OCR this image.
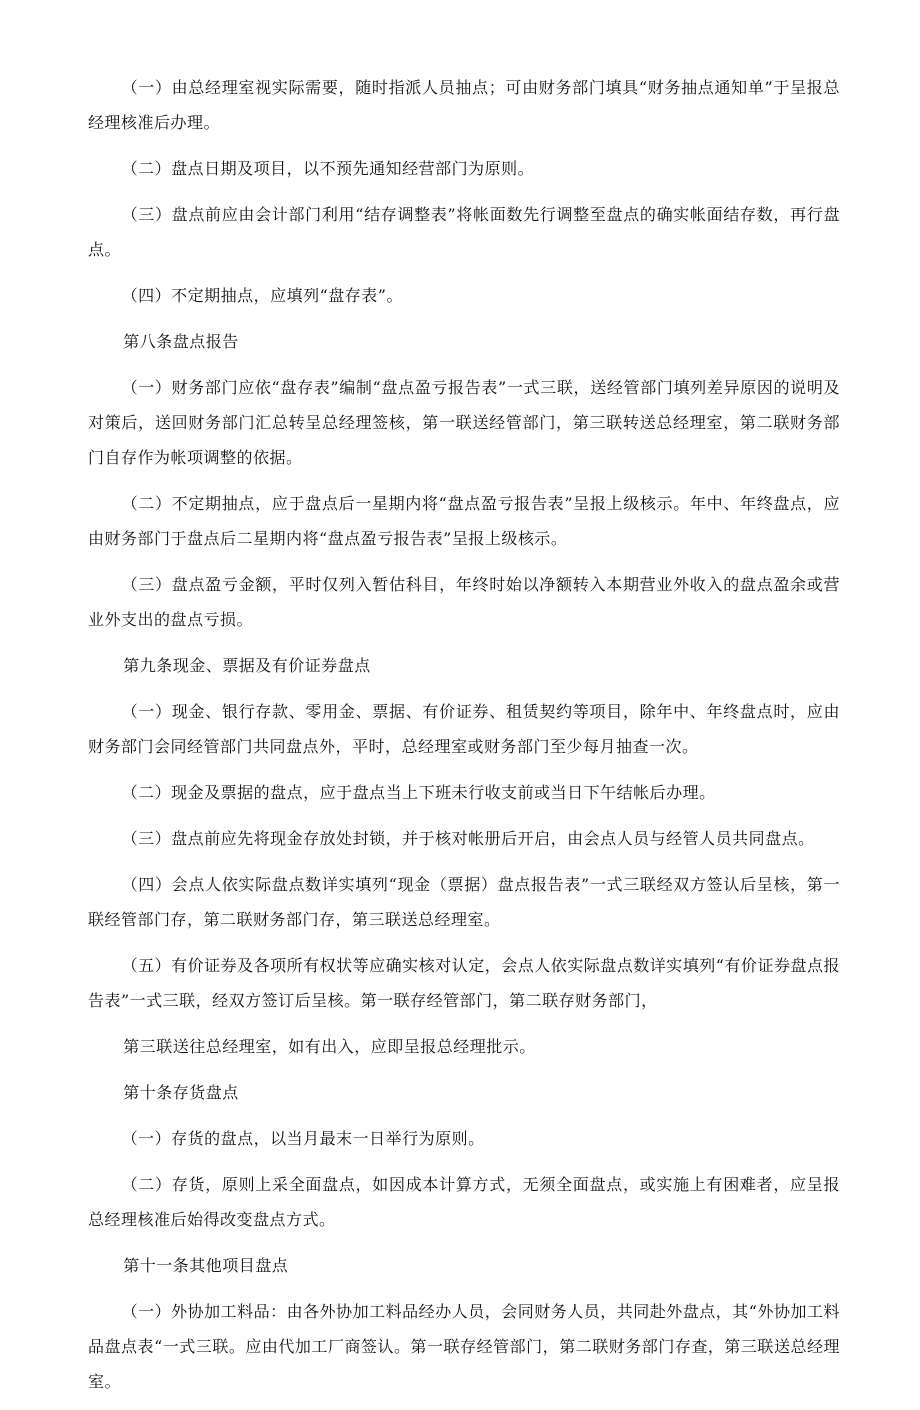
（一）由总经理室视实际需要，随时指派人员抽点；可由财务部门填具“财务抽点通知单”于呈报总经理核准后办理。

（二）盘点日期及项目，以不预先通知经营部门为原则。

（三）盘点前应由会计部门利用“结存调整表”将帐面数先行调整至盘点的确实帐面结存数，再行盘点。

（四）不定期抽点，应填列“盘存表”。

第八条盘点报告

（一）财务部门应依“盘存表”编制“盘点盈亏报告表”一式三联，送经管部门填列差异原因的说明及对策后，送回财务部门汇总转呈总经理签核，第一联送经管部门，第三联转送总经理室，第二联财务部门自存作为帐项调整的依据。

（二）不定期抽点，应于盘点后一星期内将“盘点盈亏报告表”呈报上级核示。年中、年终盘点，应由财务部门于盘点后二星期内将“盘点盈亏报告表”呈报上级核示。

（三）盘点盈亏金额，平时仅列入暂估科目，年终时始以净额转入本期营业外收入的盘点盈余或营业外支出的盘点亏损。

第九条现金、票据及有价证券盘点

（一）现金、银行存款、零用金、票据、有价证券、租赁契约等项目，除年中、年终盘点时，应由财务部门会同经管部门共同盘点外，平时，总经理室或财务部门至少每月抽查一次。

（二）现金及票据的盘点，应于盘点当上下班未行收支前或当日下午结帐后办理。

（三）盘点前应先将现金存放处封锁，并于核对帐册后开启，由会点人员与经管人员共同盘点。

（四）会点人依实际盘点数详实填列“现金（票据）盘点报告表”一式三联经双方签认后呈核，第一联经管部门存，第二联财务部门存，第三联送总经理室。

（五）有价证券及各项所有权状等应确实核对认定，会点人依实际盘点数详实填列“有价证券盘点报告表”一式三联，经双方签订后呈核。第一联存经管部门，第二联存财务部门，

第三联送往总经理室，如有出入，应即呈报总经理批示。

第十条存货盘点

（一）存货的盘点，以当月最末一日举行为原则。

（二）存货，原则上采全面盘点，如因成本计算方式，无须全面盘点，或实施上有困难者，应呈报总经理核准后始得改变盘点方式。

第十一条其他项目盘点

（一）外协加工料品：由各外协加工料品经办人员，会同财务人员，共同赴外盘点，其“外协加工料品盘点表“一式三联。应由代加工厂商签认。第一联存经管部门，第二联财务部门存查，第三联送总经理室。
